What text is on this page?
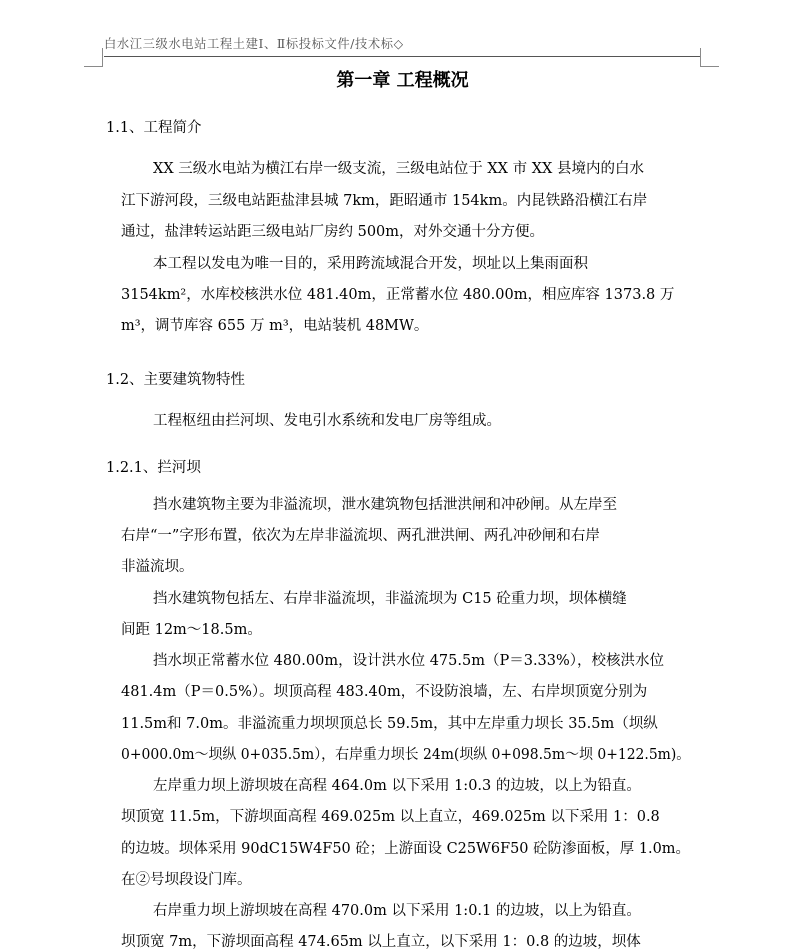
白水江三级水电站工程土建Ⅰ、Ⅱ标投标文件/技术标◇
第一章 工程概况
1.1、工程简介
XX 三级水电站为横江右岸一级支流，三级电站位于 XX 市 XX 县境内的白水
江下游河段，三级电站距盐津县城 7km，距昭通市 154km。内昆铁路沿横江右岸
通过，盐津转运站距三级电站厂房约 500m，对外交通十分方便。
本工程以发电为唯一目的，采用跨流域混合开发，坝址以上集雨面积
3154km²，水库校核洪水位 481.40m，正常蓄水位 480.00m，相应库容 1373.8 万
m³，调节库容 655 万 m³，电站装机 48MW。
1.2、主要建筑物特性
工程枢纽由拦河坝、发电引水系统和发电厂房等组成。
1.2.1、拦河坝
挡水建筑物主要为非溢流坝，泄水建筑物包括泄洪闸和冲砂闸。从左岸至
右岸“一”字形布置，依次为左岸非溢流坝、两孔泄洪闸、两孔冲砂闸和右岸
非溢流坝。
挡水建筑物包括左、右岸非溢流坝，非溢流坝为 C15 砼重力坝，坝体横缝
间距 12m～18.5m。
挡水坝正常蓄水位 480.00m，设计洪水位 475.5m（P＝3.33%），校核洪水位
481.4m（P＝0.5%）。坝顶高程 483.40m，不设防浪墙，左、右岸坝顶宽分别为
11.5m和 7.0m。非溢流重力坝坝顶总长 59.5m，其中左岸重力坝长 35.5m（坝纵
0+000.0m～坝纵 0+035.5m），右岸重力坝长 24m(坝纵 0+098.5m～坝 0+122.5m)。
左岸重力坝上游坝坡在高程 464.0m 以下采用 1:0.3 的边坡，以上为铅直。
坝顶宽 11.5m，下游坝面高程 469.025m 以上直立，469.025m 以下采用 1：0.8
的边坡。坝体采用 90dC15W4F50 砼；上游面设 C25W6F50 砼防渗面板，厚 1.0m。
在②号坝段设门库。
右岸重力坝上游坝坡在高程 470.0m 以下采用 1:0.1 的边坡，以上为铅直。
坝顶宽 7m，下游坝面高程 474.65m 以上直立，以下采用 1：0.8 的边坡，坝体
